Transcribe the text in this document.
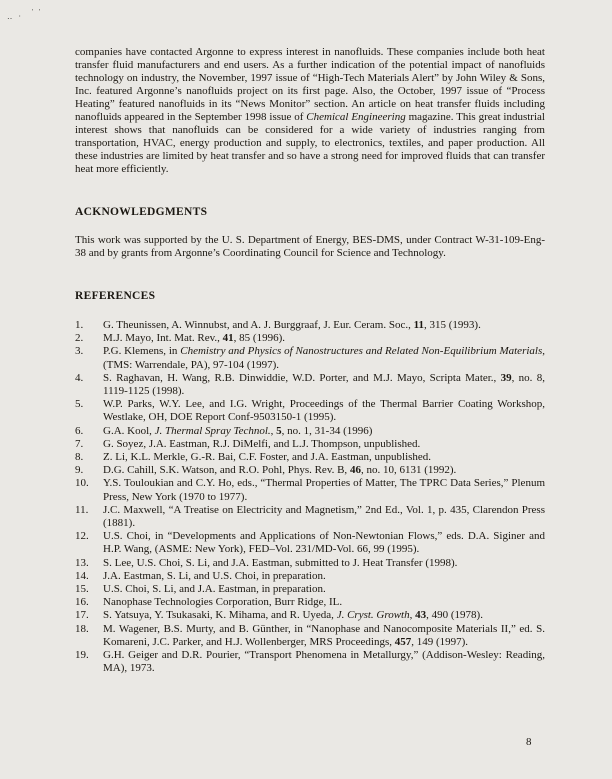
‥ · ' '

companies have contacted Argonne to express interest in nanofluids. These companies include both heat transfer fluid manufacturers and end users. As a further indication of the potential impact of nanofluids technology on industry, the November, 1997 issue of “High-Tech Materials Alert” by John Wiley & Sons, Inc. featured Argonne’s nanofluids project on its first page. Also, the October, 1997 issue of “Process Heating” featured nanofluids in its “News Monitor” section. An article on heat transfer fluids including nanofluids appeared in the September 1998 issue of Chemical Engineering magazine. This great industrial interest shows that nanofluids can be considered for a wide variety of industries ranging from transportation, HVAC, energy production and supply, to electronics, textiles, and paper production. All these industries are limited by heat transfer and so have a strong need for improved fluids that can transfer heat more efficiently.

ACKNOWLEDGMENTS

This work was supported by the U. S. Department of Energy, BES-DMS, under Contract W-31-109-Eng-38 and by grants from Argonne’s Coordinating Council for Science and Technology.

REFERENCES
1.	G. Theunissen, A. Winnubst, and A. J. Burggraaf, J. Eur. Ceram. Soc., 11, 315 (1993).
2.	M.J. Mayo, Int. Mat. Rev., 41, 85 (1996).
3.	P.G. Klemens, in Chemistry and Physics of Nanostructures and Related Non-Equilibrium Materials, (TMS: Warrendale, PA), 97-104 (1997).
4.	S. Raghavan, H. Wang, R.B. Dinwiddie, W.D. Porter, and M.J. Mayo, Scripta Mater., 39, no. 8, 1119-1125 (1998).
5.	W.P. Parks, W.Y. Lee, and I.G. Wright, Proceedings of the Thermal Barrier Coating Workshop, Westlake, OH, DOE Report Conf-9503150-1 (1995).
6.	G.A. Kool, J. Thermal Spray Technol., 5, no. 1, 31-34 (1996)
7.	G. Soyez, J.A. Eastman, R.J. DiMelfi, and L.J. Thompson, unpublished.
8.	Z. Li, K.L. Merkle, G.-R. Bai, C.F. Foster, and J.A. Eastman, unpublished.
9.	D.G. Cahill, S.K. Watson, and R.O. Pohl, Phys. Rev. B, 46, no. 10, 6131 (1992).
10.	Y.S. Touloukian and C.Y. Ho, eds., “Thermal Properties of Matter, The TPRC Data Series,” Plenum Press, New York (1970 to 1977).
11.	J.C. Maxwell, “A Treatise on Electricity and Magnetism,” 2nd Ed., Vol. 1, p. 435, Clarendon Press (1881).
12.	U.S. Choi, in “Developments and Applications of Non-Newtonian Flows,” eds. D.A. Siginer and H.P. Wang, (ASME: New York), FED–Vol. 231/MD-Vol. 66, 99 (1995).
13.	S. Lee, U.S. Choi, S. Li, and J.A. Eastman, submitted to J. Heat Transfer (1998).
14.	J.A. Eastman, S. Li, and U.S. Choi, in preparation.
15.	U.S. Choi, S. Li, and J.A. Eastman, in preparation.
16.	Nanophase Technologies Corporation, Burr Ridge, IL.
17.	S. Yatsuya, Y. Tsukasaki, K. Mihama, and R. Uyeda, J. Cryst. Growth, 43, 490 (1978).
18.	M. Wagener, B.S. Murty, and B. Günther, in “Nanophase and Nanocomposite Materials II,” ed. S. Komareni, J.C. Parker, and H.J. Wollenberger, MRS Proceedings, 457, 149 (1997).
19.	G.H. Geiger and D.R. Pourier, “Transport Phenomena in Metallurgy,” (Addison-Wesley: Reading, MA), 1973.
8
